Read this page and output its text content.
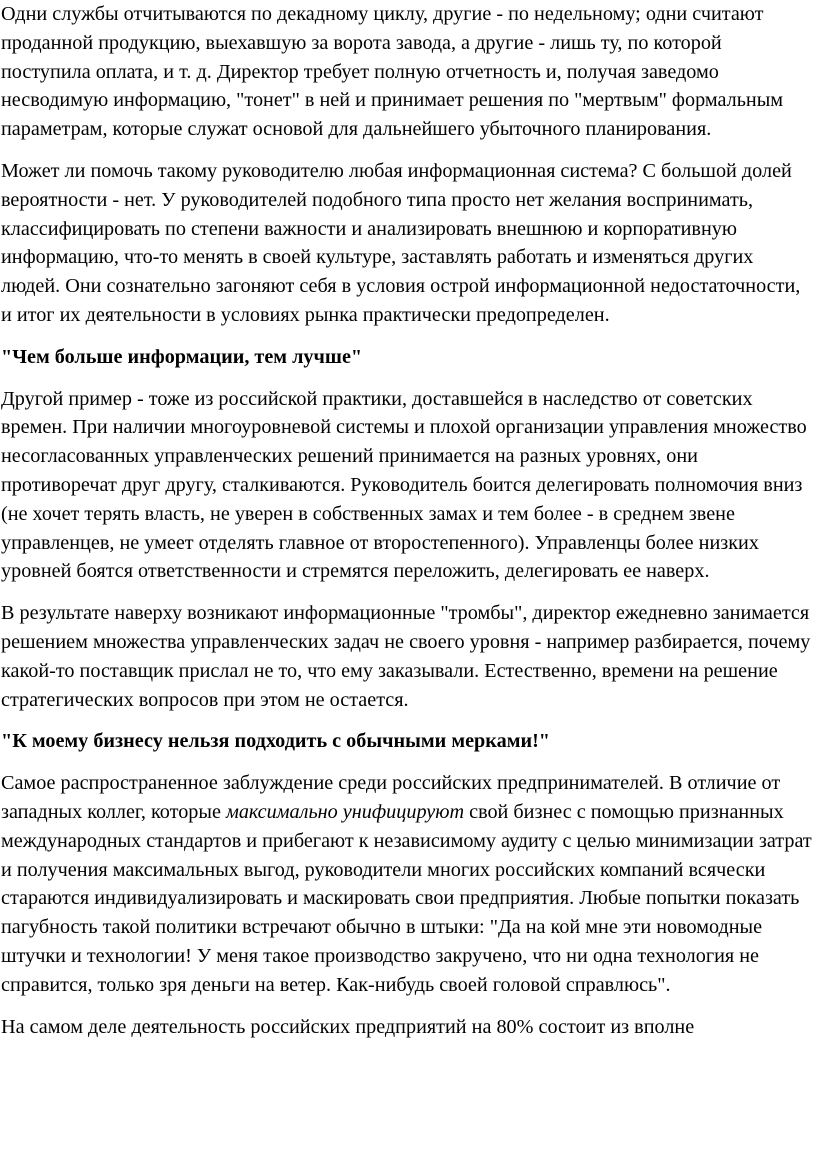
Одни службы отчитываются по декадному циклу, другие - по недельному; одни считают проданной продукцию, выехавшую за ворота завода, а другие - лишь ту, по которой поступила оплата, и т. д. Директор требует полную отчетность и, получая заведомо несводимую информацию, "тонет" в ней и принимает решения по "мертвым" формальным параметрам, которые служат основой для дальнейшего убыточного планирования.

Может ли помочь такому руководителю любая информационная система? С большой долей вероятности - нет. У руководителей подобного типа просто нет желания воспринимать, классифицировать по степени важности и анализировать внешнюю и корпоративную информацию, что-то менять в своей культуре, заставлять работать и изменяться других людей. Они сознательно загоняют себя в условия острой информационной недостаточности, и итог их деятельности в условиях рынка практически предопределен.

"Чем больше информации, тем лучше"

Другой пример - тоже из российской практики, доставшейся в наследство от советских времен. При наличии многоуровневой системы и плохой организации управления множество несогласованных управленческих решений принимается на разных уровнях, они противоречат друг другу, сталкиваются. Руководитель боится делегировать полномочия вниз (не хочет терять власть, не уверен в собственных замах и тем более - в среднем звене управленцев, не умеет отделять главное от второстепенного). Управленцы более низких уровней боятся ответственности и стремятся переложить, делегировать ее наверх.

В результате наверху возникают информационные "тромбы", директор ежедневно занимается решением множества управленческих задач не своего уровня - например разбирается, почему какой-то поставщик прислал не то, что ему заказывали. Естественно, времени на решение стратегических вопросов при этом не остается.

"К моему бизнесу нельзя подходить с обычными мерками!"

Самое распространенное заблуждение среди российских предпринимателей. В отличие от западных коллег, которые максимально унифицируют свой бизнес с помощью признанных международных стандартов и прибегают к независимому аудиту с целью минимизации затрат и получения максимальных выгод, руководители многих российских компаний всячески стараются индивидуализировать и маскировать свои предприятия. Любые попытки показать пагубность такой политики встречают обычно в штыки: "Да на кой мне эти новомодные штучки и технологии! У меня такое производство закручено, что ни одна технология не справится, только зря деньги на ветер. Как-нибудь своей головой справлюсь".

На самом деле деятельность российских предприятий на 80% состоит из вполне
